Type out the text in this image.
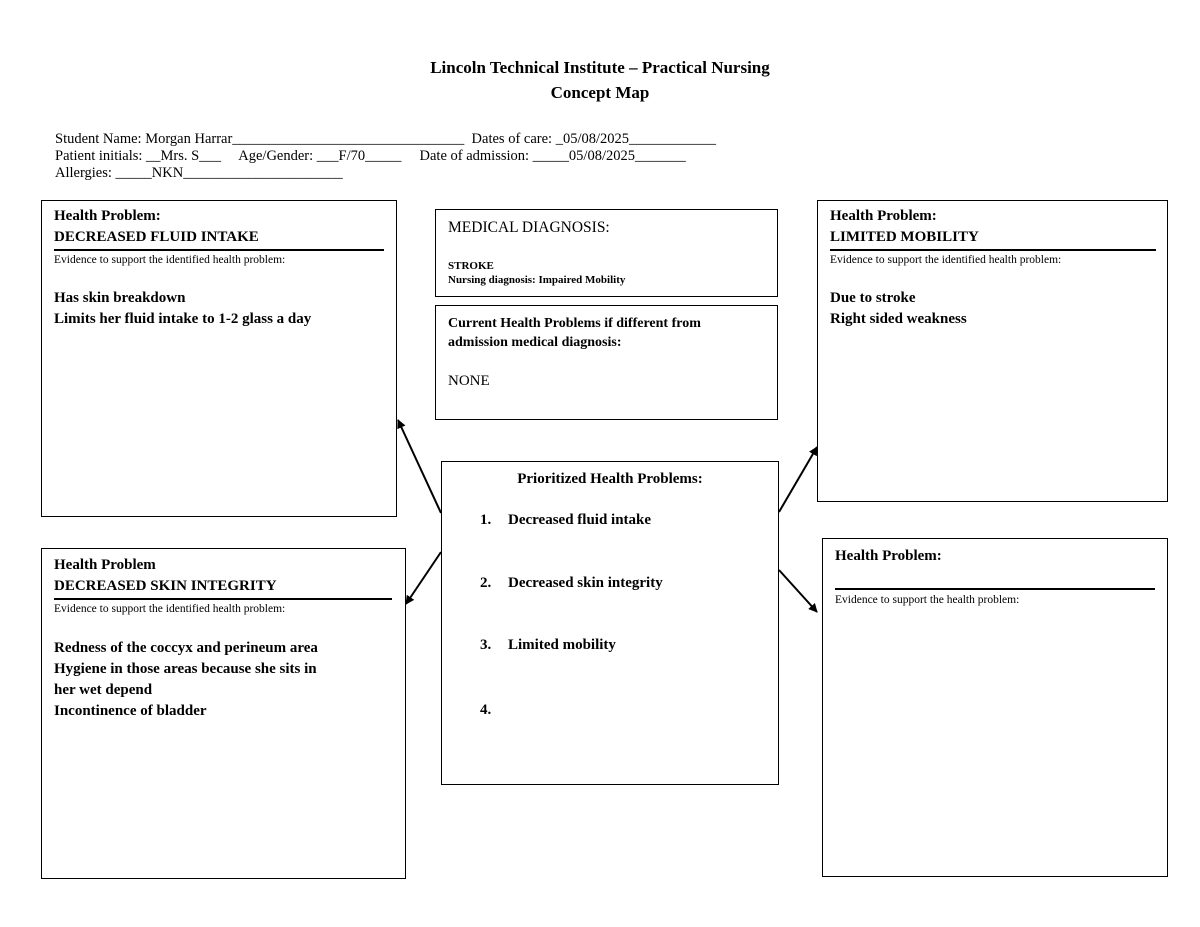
Lincoln Technical Institute – Practical Nursing
Concept Map
Student Name: Morgan Harrar________________________________  Dates of care: _05/08/2025____________
Patient initials: __Mrs. S___     Age/Gender: ___F/70_____     Date of admission: _____05/08/2025_______
Allergies: _____NKN______________________
Health Problem:
DECREASED FLUID INTAKE
Evidence to support the identified health problem:
Has skin breakdown
Limits her fluid intake to 1-2 glass a day
Health Problem
DECREASED SKIN INTEGRITY
Evidence to support the identified health problem:
Redness of the coccyx and perineum area
Hygiene in those areas because she sits in
her wet depend
Incontinence of bladder
MEDICAL DIAGNOSIS:
STROKE
Nursing diagnosis: Impaired Mobility
Current Health Problems if different from
admission medical diagnosis:
NONE
Prioritized Health Problems:
1. Decreased fluid intake
2. Decreased skin integrity
3. Limited mobility
4.
Health Problem:
LIMITED MOBILITY
Evidence to support the identified health problem:
Due to stroke
Right sided weakness
Health Problem:
Evidence to support the health problem:
